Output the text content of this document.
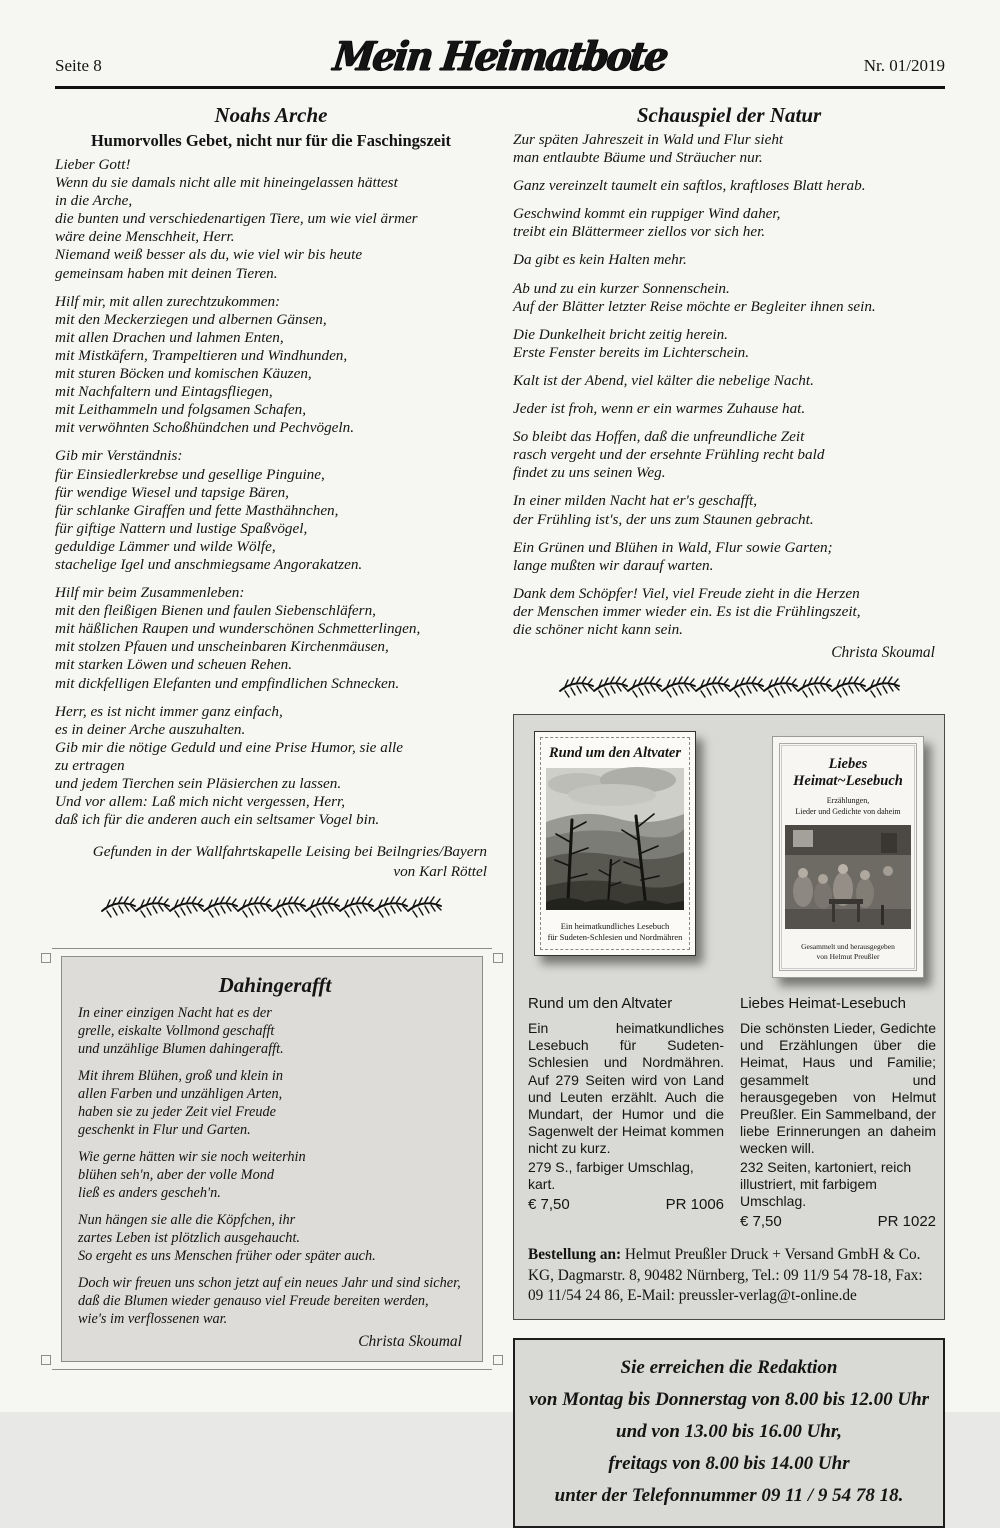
Seite 8	Mein Heimatbote	Nr. 01/2019
Noahs Arche
Humorvolles Gebet, nicht nur für die Faschingszeit
Lieber Gott!
Wenn du sie damals nicht alle mit hineingelassen hättest
in die Arche,
die bunten und verschiedenartigen Tiere, um wie viel ärmer
wäre deine Menschheit, Herr.
Niemand weiß besser als du, wie viel wir bis heute
gemeinsam haben mit deinen Tieren.
Hilf mir, mit allen zurechtzukommen:
mit den Meckerziegen und albernen Gänsen,
mit allen Drachen und lahmen Enten,
mit Mistkäfern, Trampeltieren und Windhunden,
mit sturen Böcken und komischen Käuzen,
mit Nachfaltern und Eintagsfliegen,
mit Leithammeln und folgsamen Schafen,
mit verwöhnten Schoßhündchen und Pechvögeln.
Gib mir Verständnis:
für Einsiedlerkrebse und gesellige Pinguine,
für wendige Wiesel und tapsige Bären,
für schlanke Giraffen und fette Masthähnchen,
für giftige Nattern und lustige Spaßvögel,
geduldige Lämmer und wilde Wölfe,
stachelige Igel und anschmiegsame Angorakatzen.
Hilf mir beim Zusammenleben:
mit den fleißigen Bienen und faulen Siebenschläfern,
mit häßlichen Raupen und wunderschönen Schmetterlingen,
mit stolzen Pfauen und unscheinbaren Kirchenmäusen,
mit starken Löwen und scheuen Rehen.
mit dickfelligen Elefanten und empfindlichen Schnecken.
Herr, es ist nicht immer ganz einfach,
es in deiner Arche auszuhalten.
Gib mir die nötige Geduld und eine Prise Humor, sie alle
zu ertragen
und jedem Tierchen sein Pläsierchen zu lassen.
Und vor allem: Laß mich nicht vergessen, Herr,
daß ich für die anderen auch ein seltsamer Vogel bin.
Gefunden in der Wallfahrtskapelle Leising bei Beilngries/Bayern
von Karl Röttel
Dahingerafft
In einer einzigen Nacht hat es der
grelle, eiskalte Vollmond geschafft
und unzählige Blumen dahingerafft.
Mit ihrem Blühen, groß und klein in
allen Farben und unzähligen Arten,
haben sie zu jeder Zeit viel Freude
geschenkt in Flur und Garten.
Wie gerne hätten wir sie noch weiterhin
blühen seh'n, aber der volle Mond
ließ es anders gescheh'n.
Nun hängen sie alle die Köpfchen, ihr
zartes Leben ist plötzlich ausgehaucht.
So ergeht es uns Menschen früher oder später auch.
Doch wir freuen uns schon jetzt auf ein neues Jahr und sind sicher,
daß die Blumen wieder genauso viel Freude bereiten werden,
wie's im verflossenen war.
Christa Skoumal
Schauspiel der Natur
Zur späten Jahreszeit in Wald und Flur sieht
man entlaubte Bäume und Sträucher nur.
Ganz vereinzelt taumelt ein saftlos, kraftloses Blatt herab.
Geschwind kommt ein ruppiger Wind daher,
treibt ein Blättermeer ziellos vor sich her.
Da gibt es kein Halten mehr.
Ab und zu ein kurzer Sonnenschein.
Auf der Blätter letzter Reise möchte er Begleiter ihnen sein.
Die Dunkelheit bricht zeitig herein.
Erste Fenster bereits im Lichterschein.
Kalt ist der Abend, viel kälter die nebelige Nacht.
Jeder ist froh, wenn er ein warmes Zuhause hat.
So bleibt das Hoffen, daß die unfreundliche Zeit
rasch vergeht und der ersehnte Frühling recht bald
findet zu uns seinen Weg.
In einer milden Nacht hat er's geschafft,
der Frühling ist's, der uns zum Staunen gebracht.
Ein Grünen und Blühen in Wald, Flur sowie Garten;
lange mußten wir darauf warten.
Dank dem Schöpfer! Viel, viel Freude zieht in die Herzen
der Menschen immer wieder ein. Es ist die Frühlingszeit,
die schöner nicht kann sein.
Christa Skoumal
Rund um den Altvater
Ein heimatkundliches Lesebuch
für Sudeten-Schlesien und Nordmähren
Liebes
Heimat~Lesebuch
Erzählungen,
Lieder und Gedichte von daheim
Gesammelt und herausgegeben
von Helmut Preußler
Rund um den Altvater

Ein heimatkundliches Lesebuch für Sudeten-Schlesien und Nordmähren. Auf 279 Seiten wird von Land und Leuten erzählt. Auch die Mundart, der Humor und die Sagenwelt der Heimat kommen nicht zu kurz.

279 S., farbiger Umschlag, kart.
€ 7,50	PR 1006
Liebes Heimat-Lesebuch

Die schönsten Lieder, Gedichte und Erzählungen über die Heimat, Haus und Familie; gesammelt und herausgegeben von Helmut Preußler. Ein Sammelband, der liebe Erinnerungen an daheim wecken will.

232 Seiten, kartoniert, reich illustriert, mit farbigem Umschlag.
€ 7,50	PR 1022
Bestellung an: Helmut Preußler Druck + Versand GmbH & Co. KG, Dagmarstr. 8, 90482 Nürnberg, Tel.: 09 11/9 54 78-18, Fax: 09 11/54 24 86, E-Mail: preussler-verlag@t-online.de
Sie erreichen die Redaktion
von Montag bis Donnerstag von 8.00 bis 12.00 Uhr
und von 13.00 bis 16.00 Uhr,
freitags von 8.00 bis 14.00 Uhr
unter der Telefonnummer 09 11 / 9 54 78 18.
